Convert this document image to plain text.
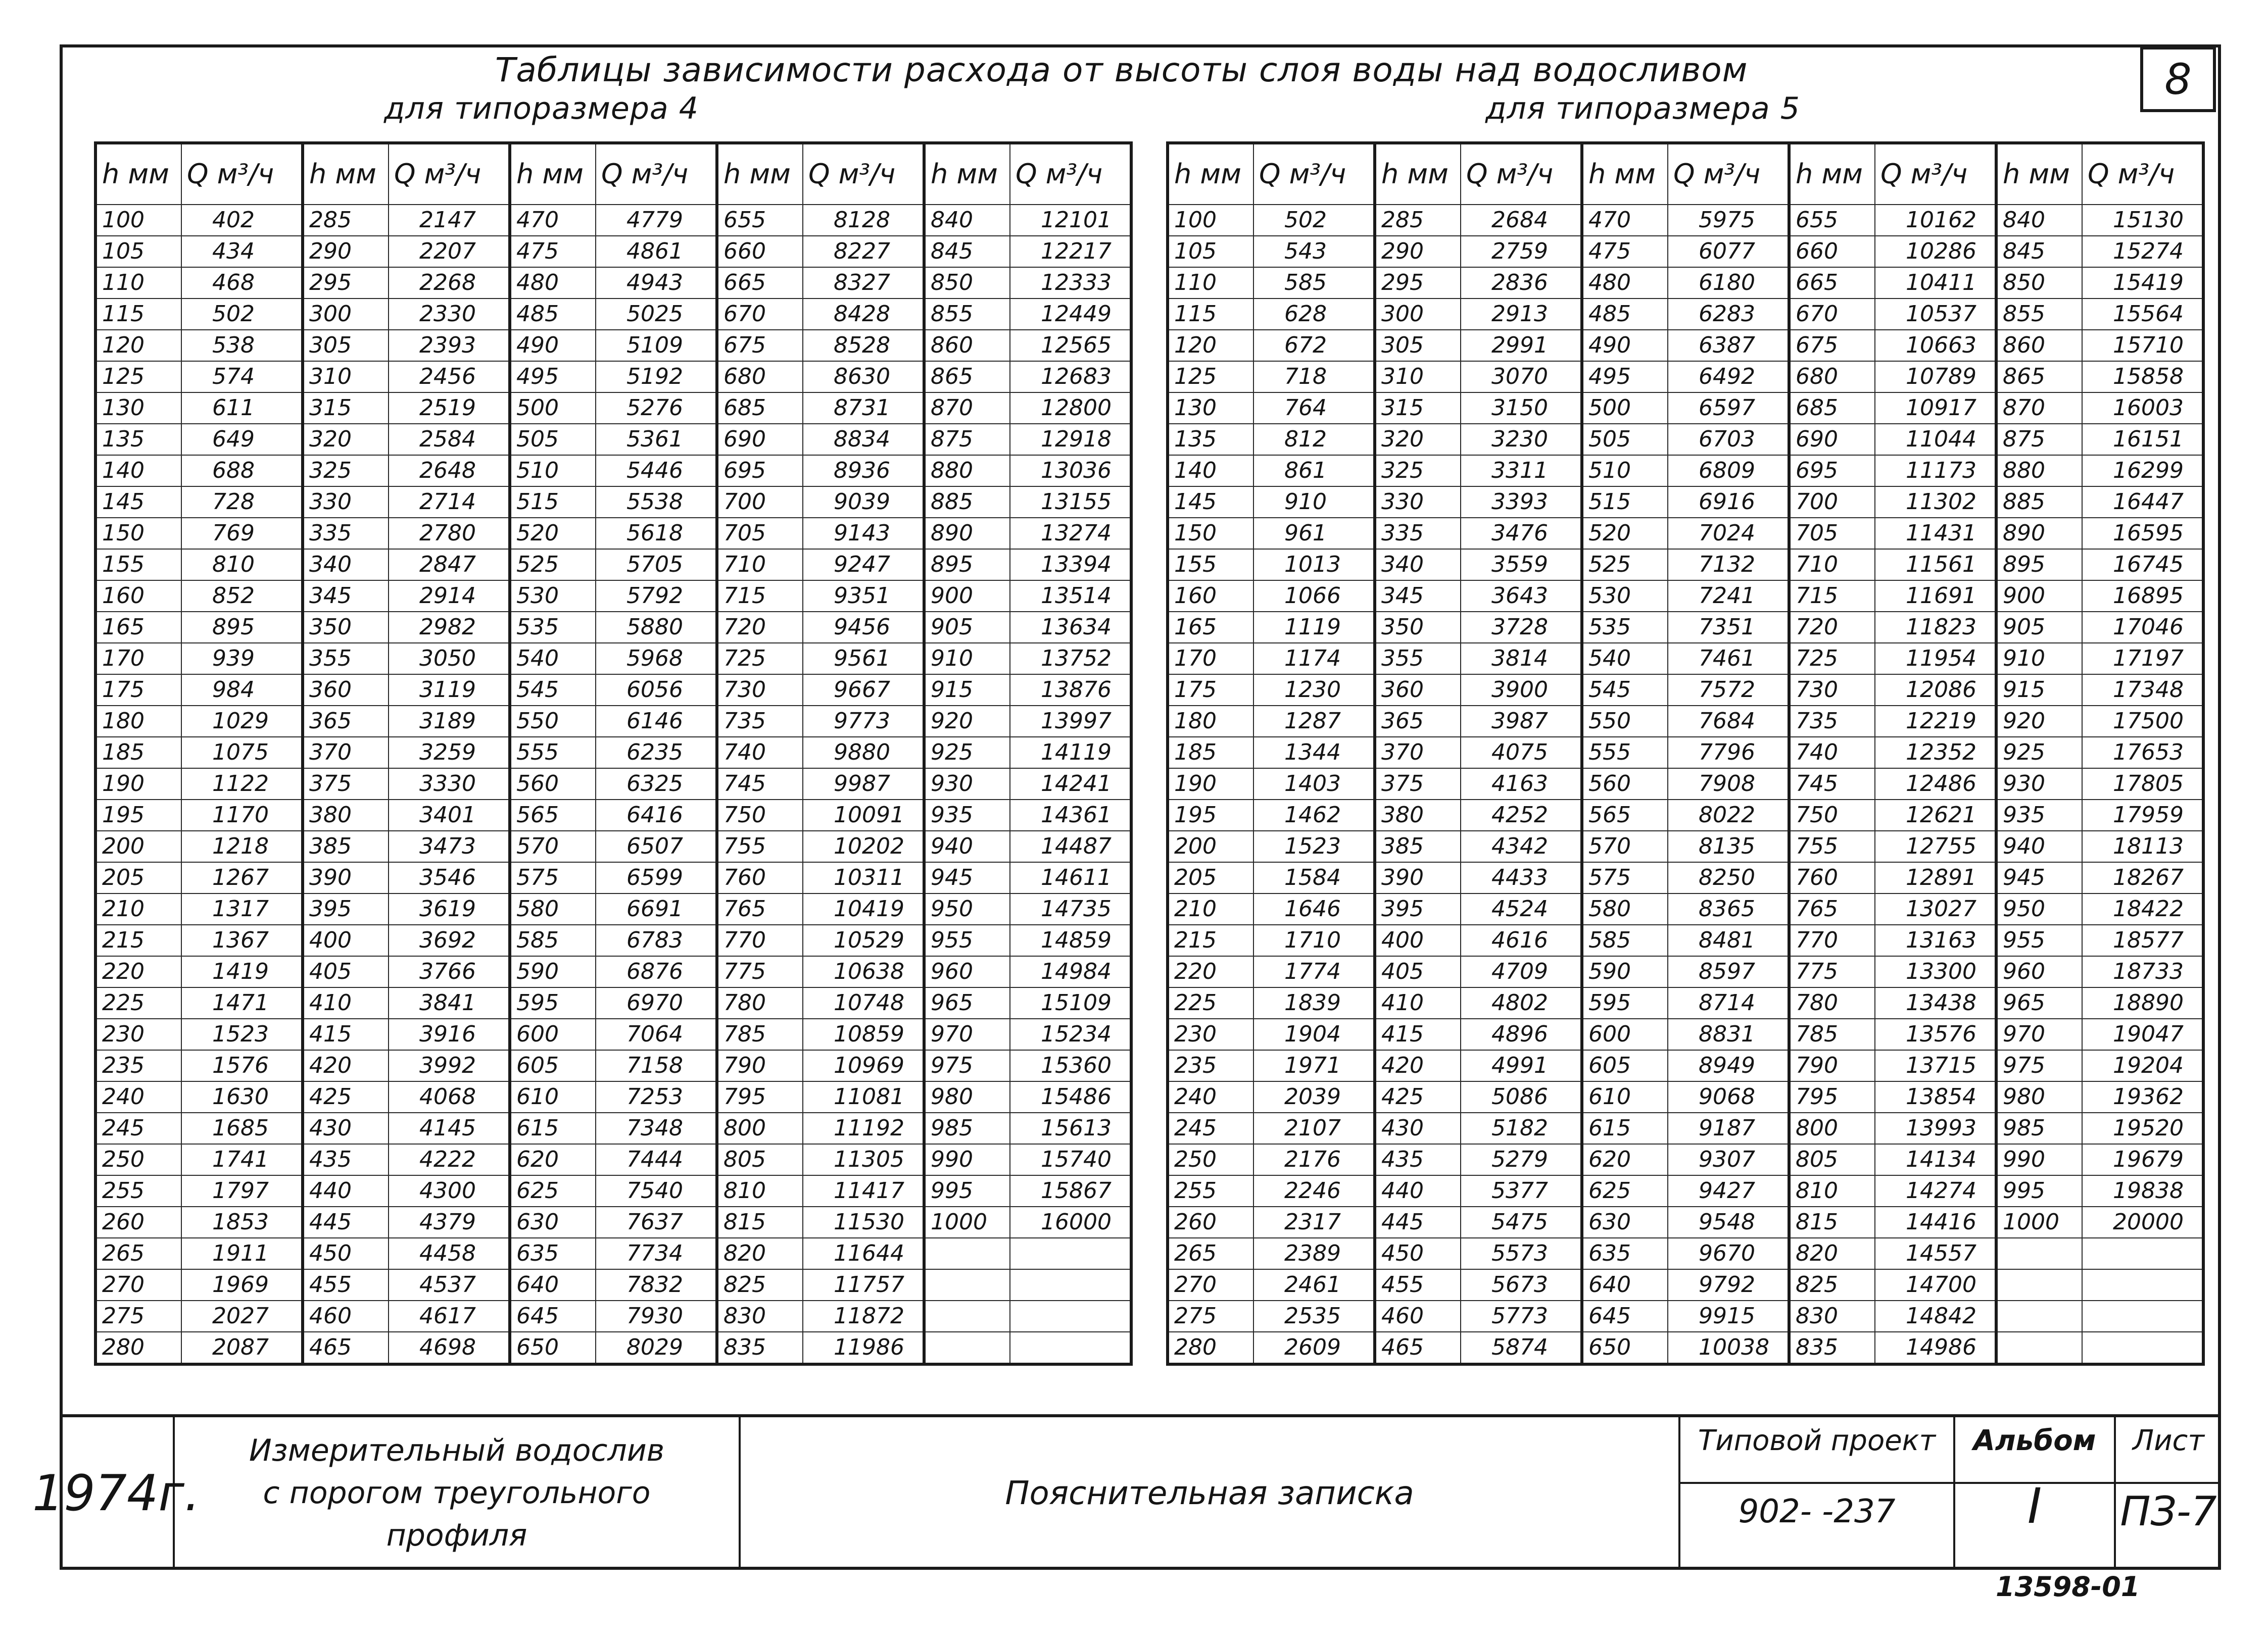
Таблицы зависимости расхода от высоты слоя воды над водосливом
для типоразмера 4	для типоразмера 5
8
h мм	Q м³/ч	h мм	Q м³/ч	h мм	Q м³/ч	h мм	Q м³/ч	h мм	Q м³/ч
100	402	285	2147	470	4779	655	8128	840	12101
105	434	290	2207	475	4861	660	8227	845	12217
110	468	295	2268	480	4943	665	8327	850	12333
115	502	300	2330	485	5025	670	8428	855	12449
120	538	305	2393	490	5109	675	8528	860	12565
125	574	310	2456	495	5192	680	8630	865	12683
130	611	315	2519	500	5276	685	8731	870	12800
135	649	320	2584	505	5361	690	8834	875	12918
140	688	325	2648	510	5446	695	8936	880	13036
145	728	330	2714	515	5538	700	9039	885	13155
150	769	335	2780	520	5618	705	9143	890	13274
155	810	340	2847	525	5705	710	9247	895	13394
160	852	345	2914	530	5792	715	9351	900	13514
165	895	350	2982	535	5880	720	9456	905	13634
170	939	355	3050	540	5968	725	9561	910	13752
175	984	360	3119	545	6056	730	9667	915	13876
180	1029	365	3189	550	6146	735	9773	920	13997
185	1075	370	3259	555	6235	740	9880	925	14119
190	1122	375	3330	560	6325	745	9987	930	14241
195	1170	380	3401	565	6416	750	10091	935	14361
200	1218	385	3473	570	6507	755	10202	940	14487
205	1267	390	3546	575	6599	760	10311	945	14611
210	1317	395	3619	580	6691	765	10419	950	14735
215	1367	400	3692	585	6783	770	10529	955	14859
220	1419	405	3766	590	6876	775	10638	960	14984
225	1471	410	3841	595	6970	780	10748	965	15109
230	1523	415	3916	600	7064	785	10859	970	15234
235	1576	420	3992	605	7158	790	10969	975	15360
240	1630	425	4068	610	7253	795	11081	980	15486
245	1685	430	4145	615	7348	800	11192	985	15613
250	1741	435	4222	620	7444	805	11305	990	15740
255	1797	440	4300	625	7540	810	11417	995	15867
260	1853	445	4379	630	7637	815	11530	1000	16000
265	1911	450	4458	635	7734	820	11644		
270	1969	455	4537	640	7832	825	11757		
275	2027	460	4617	645	7930	830	11872		
280	2087	465	4698	650	8029	835	11986		
h мм	Q м³/ч	h мм	Q м³/ч	h мм	Q м³/ч	h мм	Q м³/ч	h мм	Q м³/ч
100	502	285	2684	470	5975	655	10162	840	15130
105	543	290	2759	475	6077	660	10286	845	15274
110	585	295	2836	480	6180	665	10411	850	15419
115	628	300	2913	485	6283	670	10537	855	15564
120	672	305	2991	490	6387	675	10663	860	15710
125	718	310	3070	495	6492	680	10789	865	15858
130	764	315	3150	500	6597	685	10917	870	16003
135	812	320	3230	505	6703	690	11044	875	16151
140	861	325	3311	510	6809	695	11173	880	16299
145	910	330	3393	515	6916	700	11302	885	16447
150	961	335	3476	520	7024	705	11431	890	16595
155	1013	340	3559	525	7132	710	11561	895	16745
160	1066	345	3643	530	7241	715	11691	900	16895
165	1119	350	3728	535	7351	720	11823	905	17046
170	1174	355	3814	540	7461	725	11954	910	17197
175	1230	360	3900	545	7572	730	12086	915	17348
180	1287	365	3987	550	7684	735	12219	920	17500
185	1344	370	4075	555	7796	740	12352	925	17653
190	1403	375	4163	560	7908	745	12486	930	17805
195	1462	380	4252	565	8022	750	12621	935	17959
200	1523	385	4342	570	8135	755	12755	940	18113
205	1584	390	4433	575	8250	760	12891	945	18267
210	1646	395	4524	580	8365	765	13027	950	18422
215	1710	400	4616	585	8481	770	13163	955	18577
220	1774	405	4709	590	8597	775	13300	960	18733
225	1839	410	4802	595	8714	780	13438	965	18890
230	1904	415	4896	600	8831	785	13576	970	19047
235	1971	420	4991	605	8949	790	13715	975	19204
240	2039	425	5086	610	9068	795	13854	980	19362
245	2107	430	5182	615	9187	800	13993	985	19520
250	2176	435	5279	620	9307	805	14134	990	19679
255	2246	440	5377	625	9427	810	14274	995	19838
260	2317	445	5475	630	9548	815	14416	1000	20000
265	2389	450	5573	635	9670	820	14557		
270	2461	455	5673	640	9792	825	14700		
275	2535	460	5773	645	9915	830	14842		
280	2609	465	5874	650	10038	835	14986		
1974г.
Измерительный водослив
с порогом треугольного
профиля
Пояснительная записка
Типовой проект
902- -237
Альбом
I
Лист
ПЗ-7
13598-01
